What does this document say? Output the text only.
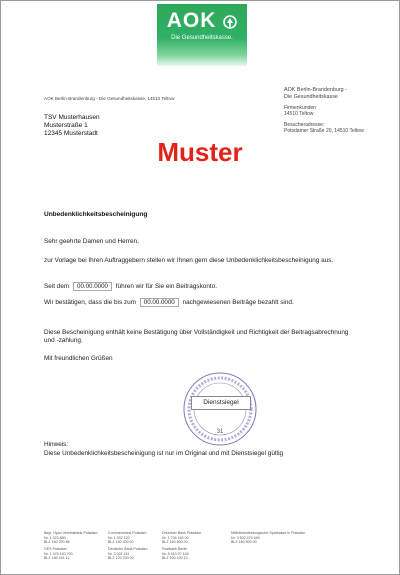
AOK
Die Gesundheitskasse.
AOK Berlin-Brandenburg - Die Gesundheitskasse, 14510 Teltow
AOK Berlin-Brandenburg -
Die Gesundheitskasse
Firmenkunden
14510 Teltow
Besucheradresse:
Potsdamer Straße 20, 14510 Teltow
TSV Musterhausen
Musterstraße 1
12345 Musterstadt
Muster
Unbedenklichkeitsbescheinigung
Sehr geehrte Damen und Herren,
zur Vorlage bei Ihren Auftraggebern stellen wir Ihnen gern diese Unbedenklichkeitsbescheinigung aus.
Seit dem 00.00.0000 führen wir für Sie ein Beitragskonto.
Wir bestätigen, dass die bis zum 00.00.0000 nachgewiesenen Beiträge bezahlt sind.
Diese Bescheinigung enthält keine Bestätigung über Vollständigkeit und Richtigkeit der Beitragsabrechnung und -zahlung.
Mit freundlichen Grüßen
31
Dienstsiegel
Hinweis:
Diese Unbedenklichkeitsbescheinigung ist nur im Original und mit Dienstsiegel gültig
Bayr. Hypo Vereinsbank Potsdam
Nr. 1 023 880
BLZ 160 200 86
Commerzbank Potsdam
Nr. 1 032 120
BLZ 160 400 00
Dresdner Bank Potsdam
Nr. 1 704 440 00
BLZ 160 800 00
Mittelbrandenburgische Sparkasse in Potsdam
Nr. 3 502 223 640
BLZ 160 500 00
GES Potsdam
Nr. 1 476 140 700
BLZ 160 161 11
Deutsche Bank Potsdam
Nr. 3 001 411
BLZ 120 700 00
Postbank Berlin
Nr. 8 410 07 104
BLZ 100 100 10
